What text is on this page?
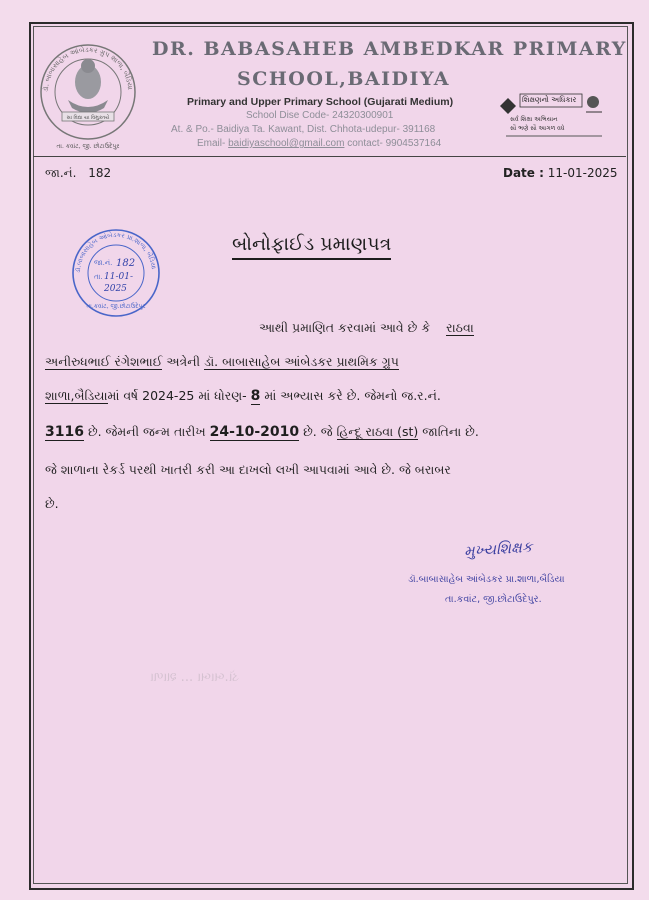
ડૉ. બાબાસાહેબ આંબેડકર ગ્રુપ શાળા, બૈડિયા
સા વિદ્યા યા વિમુક્તયે
તા. કવાંટ, જી. છોટાઉદેપુર
DR. BABASAHEB AMBEDKAR PRIMARY
SCHOOL,BAIDIYA
Primary and Upper Primary School (Gujarati Medium)
School Dise Code- 24320300901
At. & Po.- Baidiya Ta. Kawant, Dist. Chhota-udepur- 391168
Email- baidiyaschool@gmail.com contact- 9904537164
શિક્ષણનો અધિકાર
સર્વ શિક્ષા અભિયાન
સૌ ભણે સૌ આગળ વધે
જા.નં. 182	Date : 11-01-2025
ડૉ.બાબાસાહેબ આંબેડકર પ્રા.શાળા, બૈડિયા
જા.નં. 182
તા. 11-01-
2025
તા.કવાંટ, જી.છોટાઉદેપુર
બોનોફાઈડ પ્રમાણપત્ર
આથી પ્રમાણિત કરવામાં આવે છે કે રાઠવા
અનીરુધભાઈ રંગેશભાઈ અત્રેની ડૉ. બાબાસાહેબ આંબેડકર પ્રાથમિક ગ્રુપ
શાળા,બૈડિયામાં વર્ષ 2024-25 માં ધોરણ- 8 માં અભ્યાસ કરે છે. જેમનો જ.ર.નં.
3116 છે. જેમની જન્મ તારીખ 24-10-2010 છે. જે હિન્દૂ રાઠવા (st) જાતિના છે.
જે શાળાના રેકર્ડ પરથી ખાતરી કરી આ દાખલો લખી આપવામાં આવે છે. જે બરાબર
છે.
મુખ્યશિક્ષક
ડૉ.બાબાસાહેબ આંબેડકર પ્રા.શાળા,બૈડિયા
તા.કવાંટ, જી.છોટાઉદેપુર.
ડૉ.બાબા ... શાળા
